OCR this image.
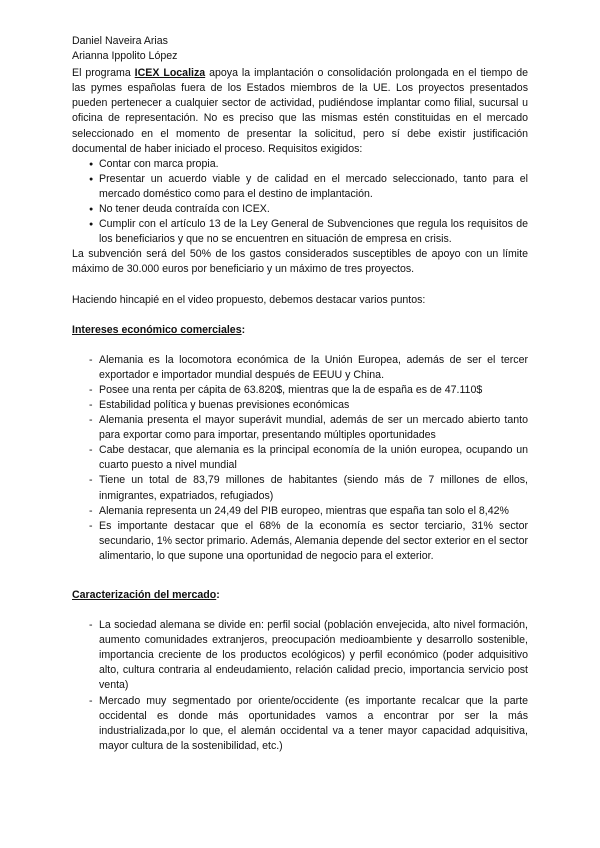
Daniel Naveira Arias

Arianna Ippolito López

El programa ICEX Localiza apoya la implantación o consolidación prolongada en el tiempo de las pymes españolas fuera de los Estados miembros de la UE. Los proyectos presentados pueden pertenecer a cualquier sector de actividad, pudiéndose implantar como filial, sucursal u oficina de representación. No es preciso que las mismas estén constituidas en el mercado seleccionado en el momento de presentar la solicitud, pero sí debe existir justificación documental de haber iniciado el proceso. Requisitos exigidos:

● Contar con marca propia.
● Presentar un acuerdo viable y de calidad en el mercado seleccionado, tanto para el mercado doméstico como para el destino de implantación.
● No tener deuda contraída con ICEX.
● Cumplir con el artículo 13 de la Ley General de Subvenciones que regula los requisitos de los beneficiarios y que no se encuentren en situación de empresa en crisis.

La subvención será del 50% de los gastos considerados susceptibles de apoyo con un límite máximo de 30.000 euros por beneficiario y un máximo de tres proyectos.

Haciendo hincapié en el video propuesto, debemos destacar varios puntos:

Intereses económico comerciales:

- Alemania es la locomotora económica de la Unión Europea, además de ser el tercer exportador e importador mundial después de EEUU y China.
- Posee una renta per cápita de 63.820$, mientras que la de españa es de 47.110$
- Estabilidad política y buenas previsiones económicas
- Alemania presenta el mayor superávit mundial, además de ser un mercado abierto tanto para exportar como para importar, presentando múltiples oportunidades
- Cabe destacar, que alemania es la principal economía de la unión europea, ocupando un cuarto puesto a nivel mundial
- Tiene un total de 83,79 millones de habitantes (siendo más de 7 millones de ellos, inmigrantes, expatriados, refugiados)
- Alemania representa un 24,49 del PIB europeo, mientras que españa tan solo el 8,42%
- Es importante destacar que el 68% de la economía es sector terciario, 31% sector secundario, 1% sector primario. Además, Alemania depende del sector exterior en el sector alimentario, lo que supone una oportunidad de negocio para el exterior.

Caracterización del mercado:

- La sociedad alemana se divide en: perfil social (población envejecida, alto nivel formación, aumento comunidades extranjeros, preocupación medioambiente y desarrollo sostenible, importancia creciente de los productos ecológicos) y perfil económico (poder adquisitivo alto, cultura contraria al endeudamiento, relación calidad precio, importancia servicio post venta)
- Mercado muy segmentado por oriente/occidente (es importante recalcar que la parte occidental es donde más oportunidades vamos a encontrar por ser la más industrializada,por lo que, el alemán occidental va a tener mayor capacidad adquisitiva, mayor cultura de la sostenibilidad, etc.)
